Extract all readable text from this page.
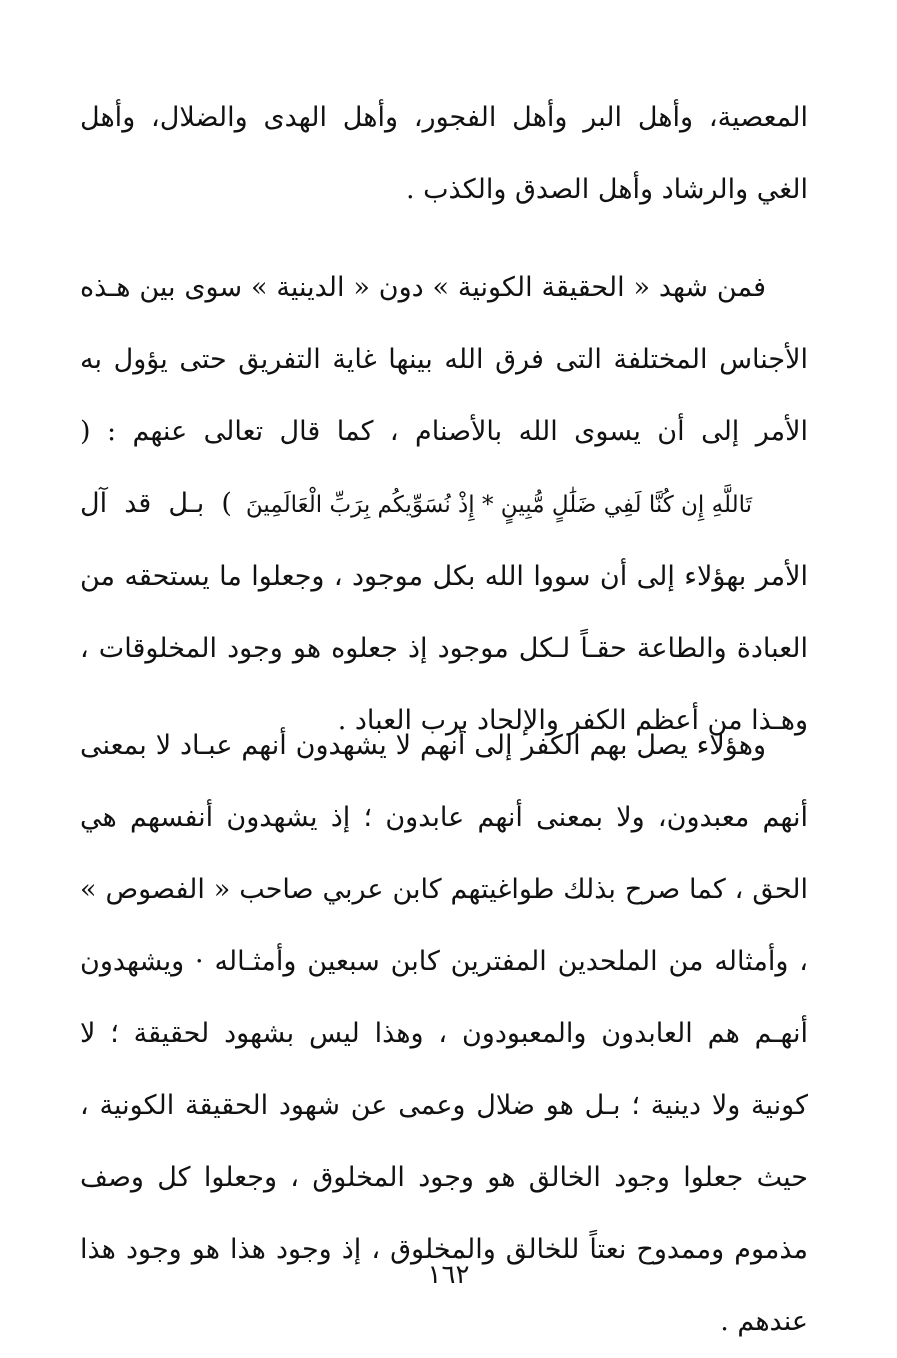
المعصية، وأهل البر وأهل الفجور، وأهل الهدى والضلال، وأهل الغي والرشاد وأهل الصدق والكذب .

فمن شهد « الحقيقة الكونية » دون « الدينية » سوى بين هـذه الأجناس المختلفة التى فرق الله بينها غاية التفريق حتى يؤول به الأمر إلى أن يسوى الله بالأصنام ، كما قال تعالى عنهم : (تَاللَّهِ إِن كُنَّا لَفِي ضَلَٰلٍ مُّبِينٍ * إِذْ نُسَوِّيكُم بِرَبِّ الْعَالَمِينَ) بـل قد آل الأمر بهؤلاء إلى أن سووا الله بكل موجود ، وجعلوا ما يستحقه من العبادة والطاعة حقـاً لـكل موجود إذ جعلوه هو وجود المخلوقات ، وهـذا من أعظم الكفر والإلحاد برب العباد .

وهؤلاء يصل بهم الكفر إلى أنهم لا يشهدون أنهم عبـاد لا بمعنى أنهم معبدون، ولا بمعنى أنهم عابدون ؛ إذ يشهدون أنفسهم هي الحق ، كما صرح بذلك طواغيتهم كابن عربي صاحب « الفصوص » ، وأمثاله من الملحدين المفترين كابن سبعين وأمثـاله · ويشهدون أنهـم هم العابدون والمعبودون ، وهذا ليس بشهود لحقيقة ؛ لا كونية ولا دينية ؛ بـل هو ضلال وعمى عن شهود الحقيقة الكونية ، حيث جعلوا وجود الخالق هو وجود المخلوق ، وجعلوا كل وصف مذموم وممدوح نعتاً للخالق والمخلوق ، إذ وجود هذا هو وجود هذا عندهم .

١٦٢
